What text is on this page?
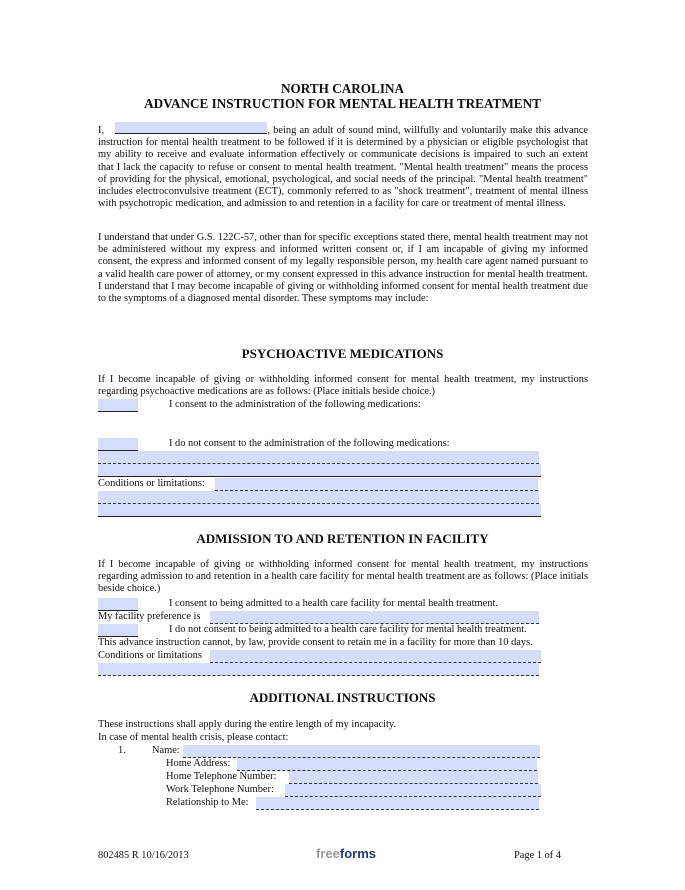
NORTH CAROLINA
ADVANCE INSTRUCTION FOR MENTAL HEALTH TREATMENT
I,	, being an adult of sound mind, willfully and voluntarily make this advance instruction for mental health treatment to be followed if it is determined by a physician or eligible psychologist that my ability to receive and evaluate information effectively or communicate decisions is impaired to such an extent that I lack the capacity to refuse or consent to mental health treatment. "Mental health treatment" means the process of providing for the physical, emotional, psychological, and social needs of the principal. "Mental health treatment" includes electroconvulsive treatment (ECT), commonly referred to as "shock treatment", treatment of mental illness with psychotropic medication, and admission to and retention in a facility for care or treatment of mental illness.
I understand that under G.S. 122C-57, other than for specific exceptions stated there, mental health treatment may not be administered without my express and informed written consent or, if I am incapable of giving my informed consent, the express and informed consent of my legally responsible person, my health care agent named pursuant to a valid health care power of attorney, or my consent expressed in this advance instruction for mental health treatment. I understand that I may become incapable of giving or withholding informed consent for mental health treatment due to the symptoms of a diagnosed mental disorder. These symptoms may include:
PSYCHOACTIVE MEDICATIONS
If I become incapable of giving or withholding informed consent for mental health treatment, my instructions regarding psychoactive medications are as follows: (Place initials beside choice.)
I consent to the administration of the following medications:
I do not consent to the administration of the following medications:
Conditions or limitations:
ADMISSION TO AND RETENTION IN FACILITY
If I become incapable of giving or withholding informed consent for mental health treatment, my instructions regarding admission to and retention in a health care facility for mental health treatment are as follows: (Place initials beside choice.)
I consent to being admitted to a health care facility for mental health treatment.
My facility preference is
I do not consent to being admitted to a health care facility for mental health treatment.
This advance instruction cannot, by law, provide consent to retain me in a facility for more than 10 days.
Conditions or limitations
ADDITIONAL INSTRUCTIONS
These instructions shall apply during the entire length of my incapacity.
In case of mental health crisis, please contact:
1.	Name:
Home Address:
Home Telephone Number:
Work Telephone Number:
Relationship to Me:
802485 R 10/16/2013	freeforms	Page 1 of 4
